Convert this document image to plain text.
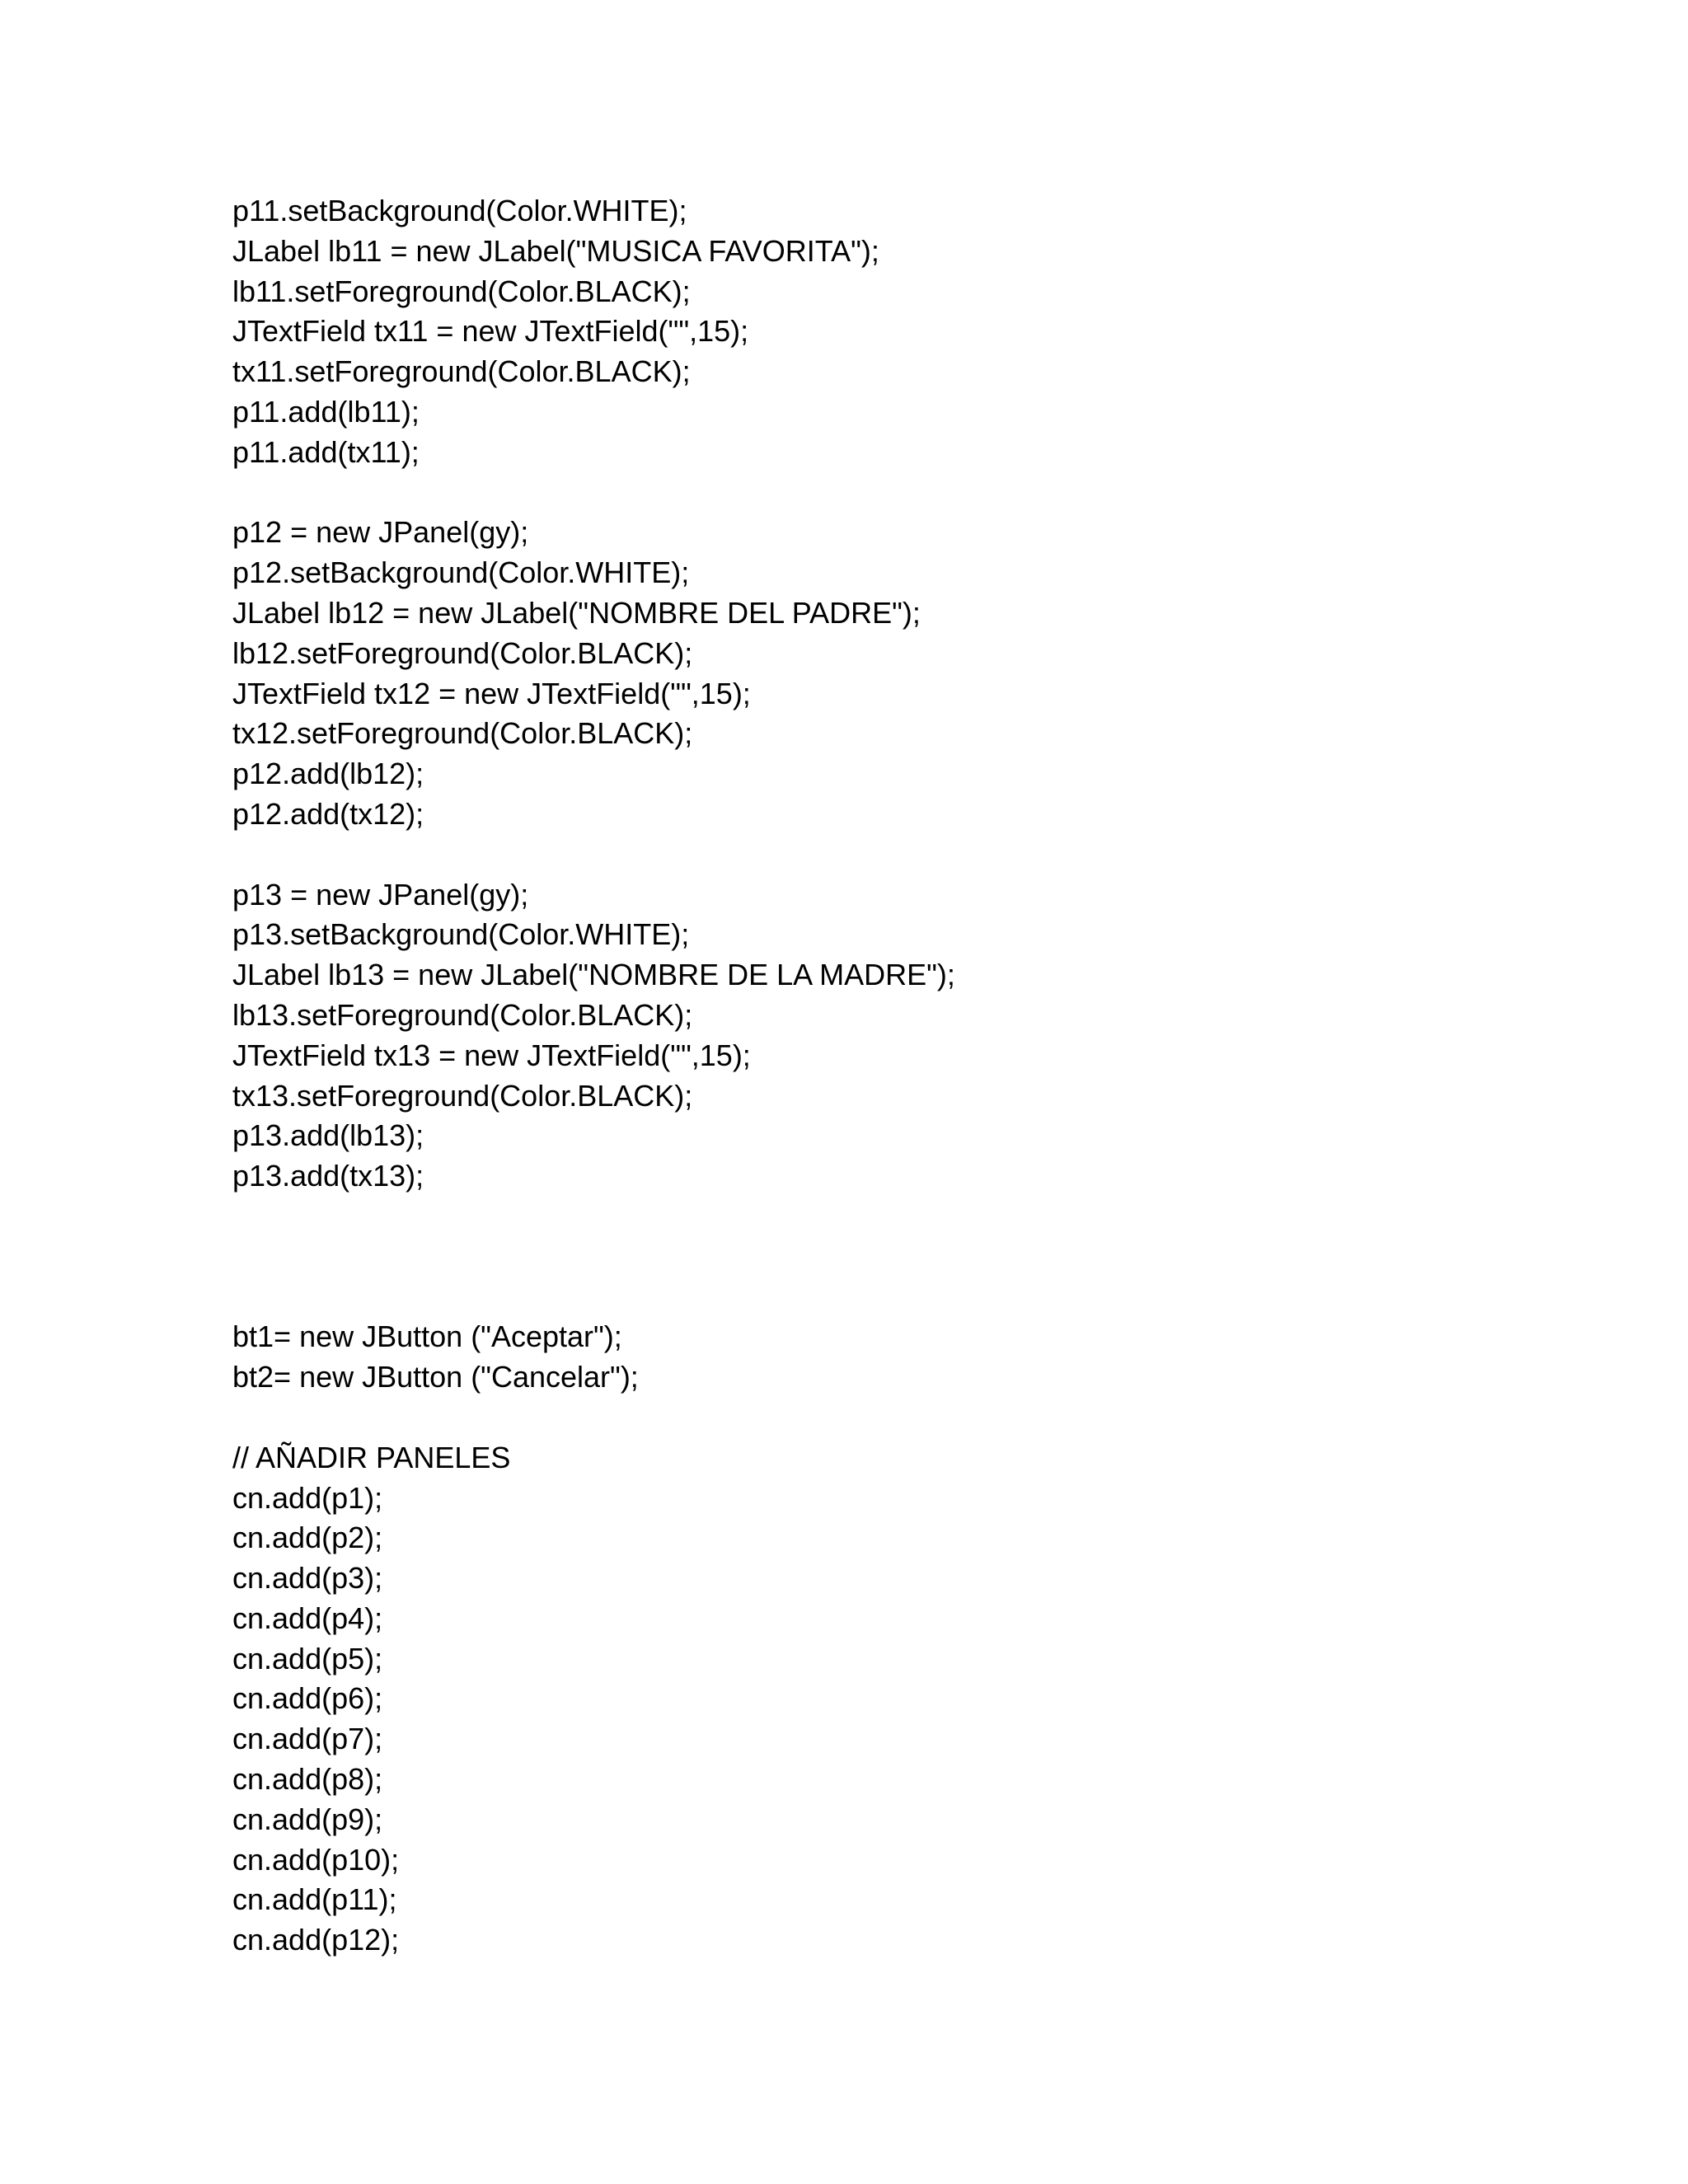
p11.setBackground(Color.WHITE);
JLabel lb11 = new JLabel("MUSICA FAVORITA");
lb11.setForeground(Color.BLACK);
JTextField tx11 = new JTextField("",15);
tx11.setForeground(Color.BLACK);
p11.add(lb11);
p11.add(tx11);
p12 = new JPanel(gy);
p12.setBackground(Color.WHITE);
JLabel lb12 = new JLabel("NOMBRE DEL PADRE");
lb12.setForeground(Color.BLACK);
JTextField tx12 = new JTextField("",15);
tx12.setForeground(Color.BLACK);
p12.add(lb12);
p12.add(tx12);
p13 = new JPanel(gy);
p13.setBackground(Color.WHITE);
JLabel lb13 = new JLabel("NOMBRE DE LA MADRE");
lb13.setForeground(Color.BLACK);
JTextField tx13 = new JTextField("",15);
tx13.setForeground(Color.BLACK);
p13.add(lb13);
p13.add(tx13);
bt1= new JButton ("Aceptar");
bt2= new JButton ("Cancelar");
// AÑADIR PANELES
cn.add(p1);
cn.add(p2);
cn.add(p3);
cn.add(p4);
cn.add(p5);
cn.add(p6);
cn.add(p7);
cn.add(p8);
cn.add(p9);
cn.add(p10);
cn.add(p11);
cn.add(p12);
